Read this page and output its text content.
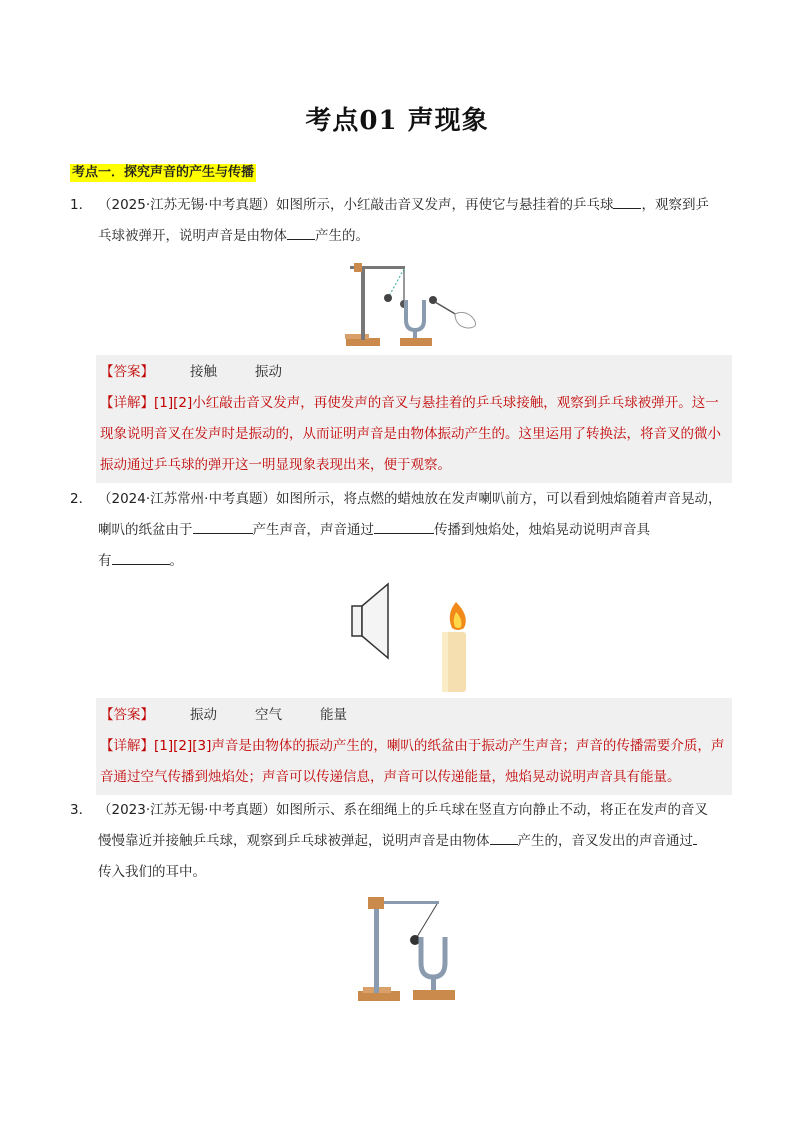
考点01 声现象
考点一．探究声音的产生与传播
1． （2025·江苏无锡·中考真题）如图所示，小红敲击音叉发声，再使它与悬挂着的乒乓球 ，观察到乒
乓球被弹开，说明声音是由物体 产生的。
【答案】	接触	振动
【详解】[1][2]小红敲击音叉发声，再使发声的音叉与悬挂着的乒乓球接触，观察到乒乓球被弹开。这一现象说明音叉在发声时是振动的，从而证明声音是由物体振动产生的。这里运用了转换法，将音叉的微小振动通过乒乓球的弹开这一明显现象表现出来，便于观察。
2． （2024·江苏常州·中考真题）如图所示，将点燃的蜡烛放在发声喇叭前方，可以看到烛焰随着声音晃动，
喇叭的纸盆由于	产生声音，声音通过	传播到烛焰处，烛焰晃动说明声音具
有	。
【答案】	振动	空气	能量
【详解】[1][2][3]声音是由物体的振动产生的，喇叭的纸盆由于振动产生声音；声音的传播需要介质，声音通过空气传播到烛焰处；声音可以传递信息，声音可以传递能量，烛焰晃动说明声音具有能量。
3． （2023·江苏无锡·中考真题）如图所示、系在细绳上的乒乓球在竖直方向静止不动，将正在发声的音叉
慢慢靠近并接触乒乓球，观察到乒乓球被弹起，说明声音是由物体 产生的，音叉发出的声音通过
传入我们的耳中。
